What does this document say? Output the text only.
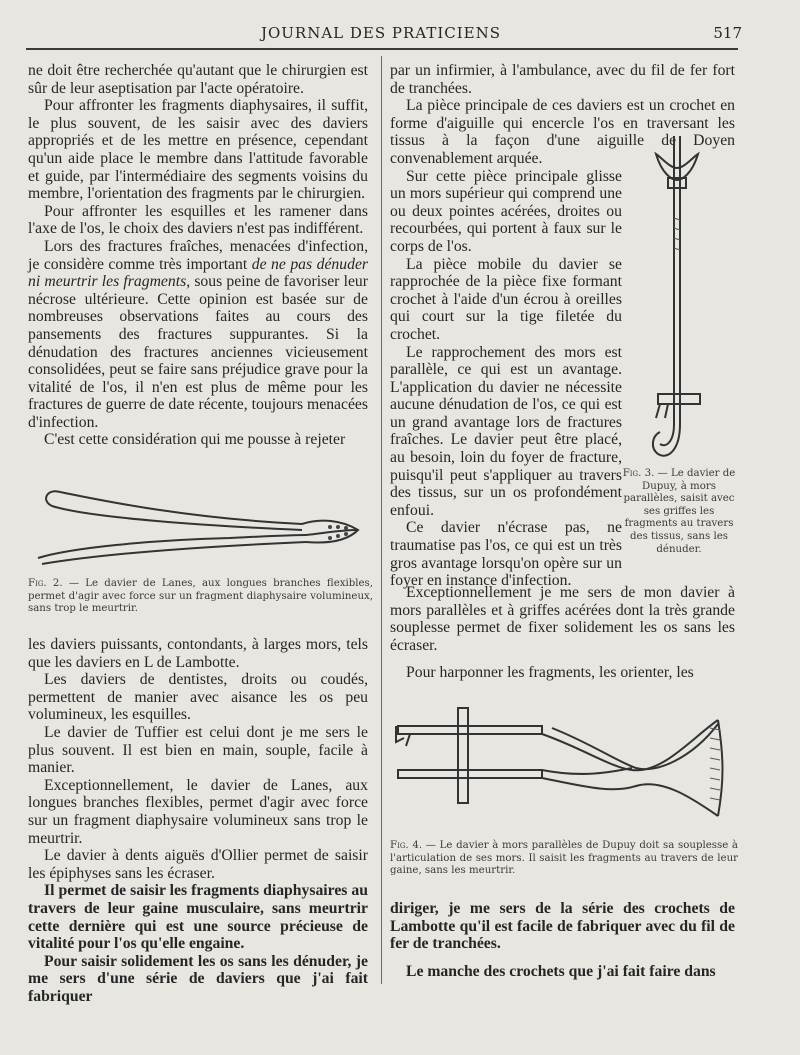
JOURNAL DES PRATICIENS	517

ne doit être recherchée qu'autant que le chirurgien est sûr de leur aseptisation par l'acte opératoire.

Pour affronter les fragments diaphysaires, il suffit, le plus souvent, de les saisir avec des daviers appropriés et de les mettre en présence, cependant qu'un aide place le membre dans l'attitude favorable et guide, par l'intermédiaire des segments voisins du membre, l'orientation des fragments par le chirurgien.

Pour affronter les esquilles et les ramener dans l'axe de l'os, le choix des daviers n'est pas indifférent.

Lors des fractures fraîches, menacées d'infection, je considère comme très important de ne pas dénuder ni meurtrir les fragments, sous peine de favoriser leur nécrose ultérieure. Cette opinion est basée sur de nombreuses observations faites au cours des pansements des fractures suppurantes. Si la dénudation des fractures anciennes vicieusement consolidées, peut se faire sans préjudice grave pour la vitalité de l'os, il n'en est plus de même pour les fractures de guerre de date récente, toujours menacées d'infection.

C'est cette considération qui me pousse à rejeter

Fig. 2. — Le davier de Lanes, aux longues branches flexibles, permet d'agir avec force sur un fragment diaphysaire volumineux, sans trop le meurtrir.

les daviers puissants, contondants, à larges mors, tels que les daviers en L de Lambotte.

Les daviers de dentistes, droits ou coudés, permettent de manier avec aisance les os peu volumineux, les esquilles.

Le davier de Tuffier est celui dont je me sers le plus souvent. Il est bien en main, souple, facile à manier.

Exceptionnellement, le davier de Lanes, aux longues branches flexibles, permet d'agir avec force sur un fragment diaphysaire volumineux sans trop le meurtrir.

Le davier à dents aiguës d'Ollier permet de saisir les épiphyses sans les écraser.

Il permet de saisir les fragments diaphysaires au travers de leur gaine musculaire, sans meurtrir cette dernière qui est une source précieuse de vitalité pour l'os qu'elle engaine.

Pour saisir solidement les os sans les dénuder, je me sers d'une série de daviers que j'ai fait fabriquer

par un infirmier, à l'ambulance, avec du fil de fer fort de tranchées.

La pièce principale de ces daviers est un crochet en forme d'aiguille qui encercle l'os en traversant les tissus à la façon d'une aiguille de Doyen convenablement arquée.

Sur cette pièce principale glisse un mors supérieur qui comprend une ou deux pointes acérées, droites ou recourbées, qui portent à faux sur le corps de l'os.

La pièce mobile du davier se rapprochée de la pièce fixe formant crochet à l'aide d'un écrou à oreilles qui court sur la tige filetée du crochet.

Le rapprochement des mors est parallèle, ce qui est un avantage. L'application du davier ne nécessite aucune dénudation de l'os, ce qui est un grand avantage lors de fractures fraîches. Le davier peut être placé, au besoin, loin du foyer de fracture, puisqu'il peut s'appliquer au travers des tissus, sur un os profondément enfoui.

Ce davier n'écrase pas, ne traumatise pas l'os, ce qui est un très gros avantage lorsqu'on opère sur un foyer en instance d'infection.

Fig. 3. — Le davier de Dupuy, à mors parallèles, saisit avec ses griffes les fragments au travers des tissus, sans les dénuder.

Exceptionnellement je me sers de mon davier à mors parallèles et à griffes acérées dont la très grande souplesse permet de fixer solidement les os sans les écraser.

Pour harponner les fragments, les orienter, les

Fig. 4. — Le davier à mors parallèles de Dupuy doit sa souplesse à l'articulation de ses mors. Il saisit les fragments au travers de leur gaine, sans les meurtrir.

diriger, je me sers de la série des crochets de Lambotte qu'il est facile de fabriquer avec du fil de fer de tranchées.

Le manche des crochets que j'ai fait faire dans
